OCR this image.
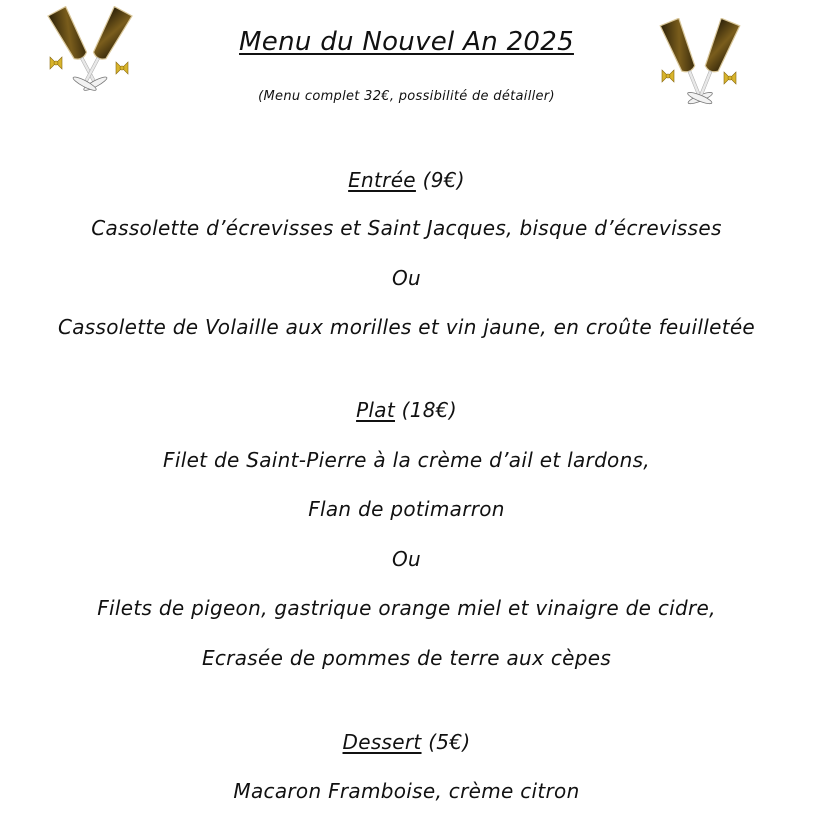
Menu du Nouvel An 2025
(Menu complet 32€, possibilité de détailler)
Entrée (9€)
Cassolette d’écrevisses et Saint Jacques, bisque d’écrevisses
Ou
Cassolette de Volaille aux morilles et vin jaune, en croûte feuilletée
Plat (18€)
Filet de Saint-Pierre à la crème d’ail et lardons,
Flan de potimarron
Ou
Filets de pigeon, gastrique orange miel et vinaigre de cidre,
Ecrasée de pommes de terre aux cèpes
Dessert (5€)
Macaron Framboise, crème citron
